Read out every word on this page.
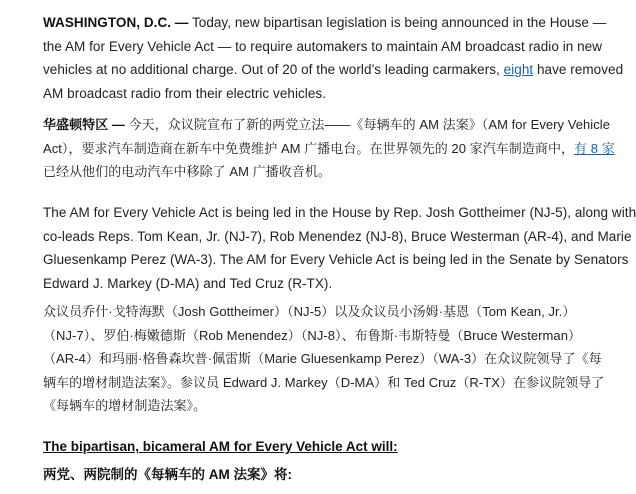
WASHINGTON, D.C. — Today, new bipartisan legislation is being announced in the House —
the AM for Every Vehicle Act — to require automakers to maintain AM broadcast radio in new
vehicles at no additional charge. Out of 20 of the world’s leading carmakers, eight have removed
AM broadcast radio from their electric vehicles.

华盛顿特区 — 今天，众议院宣布了新的两党立法——《每辆车的 AM 法案》（AM for Every Vehicle
Act），要求汽车制造商在新车中免费维护 AM 广播电台。在世界领先的 20 家汽车制造商中，有 8 家
已经从他们的电动汽车中移除了 AM 广播收音机。

The AM for Every Vehicle Act is being led in the House by Rep. Josh Gottheimer (NJ-5), along with
co-leads Reps. Tom Kean, Jr. (NJ-7), Rob Menendez (NJ-8), Bruce Westerman (AR-4), and Marie
Gluesenkamp Perez (WA-3). The AM for Every Vehicle Act is being led in the Senate by Senators
Edward J. Markey (D-MA) and Ted Cruz (R-TX).

众议员乔什·戈特海默（Josh Gottheimer）（NJ-5）以及众议员小汤姆·基恩（Tom Kean, Jr.）
（NJ-7）、罗伯·梅嫩德斯（Rob Menendez）（NJ-8）、布鲁斯·韦斯特曼（Bruce Westerman）
（AR-4）和玛丽·格鲁森坎普·佩雷斯（Marie Gluesenkamp Perez）（WA-3）在众议院领导了《每
辆车的增材制造法案》。参议员 Edward J. Markey（D-MA）和 Ted Cruz（R-TX）在参议院领导了
《每辆车的增材制造法案》。

The bipartisan, bicameral AM for Every Vehicle Act will:
两党、两院制的《每辆车的 AM 法案》将:
